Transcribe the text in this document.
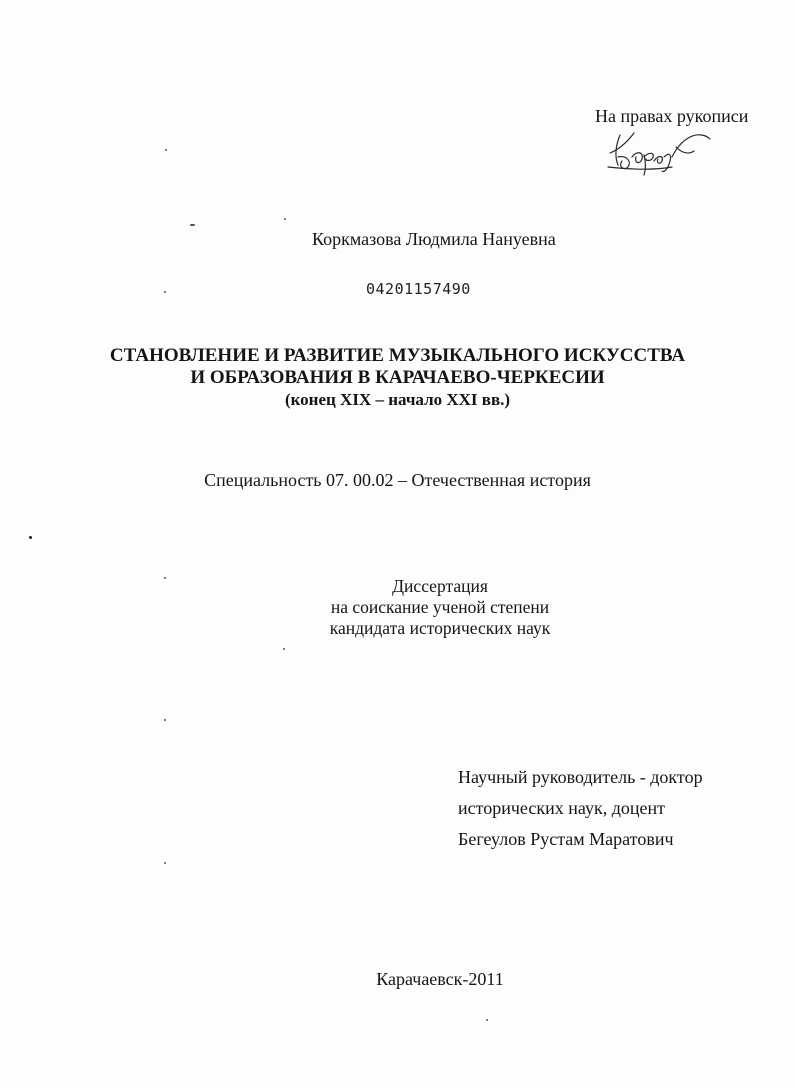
На правах рукописи
Коркмазова Людмила Нануевна
04201157490
СТАНОВЛЕНИЕ И РАЗВИТИЕ МУЗЫКАЛЬНОГО ИСКУССТВА
И ОБРАЗОВАНИЯ В КАРАЧАЕВО-ЧЕРКЕСИИ
(конец XIX – начало XXI вв.)
Специальность 07. 00.02 – Отечественная история
Диссертация
на соискание ученой степени
кандидата исторических наук
Научный руководитель - доктор
исторических наук, доцент
Бегеулов Рустам Маратович
Карачаевск-2011
